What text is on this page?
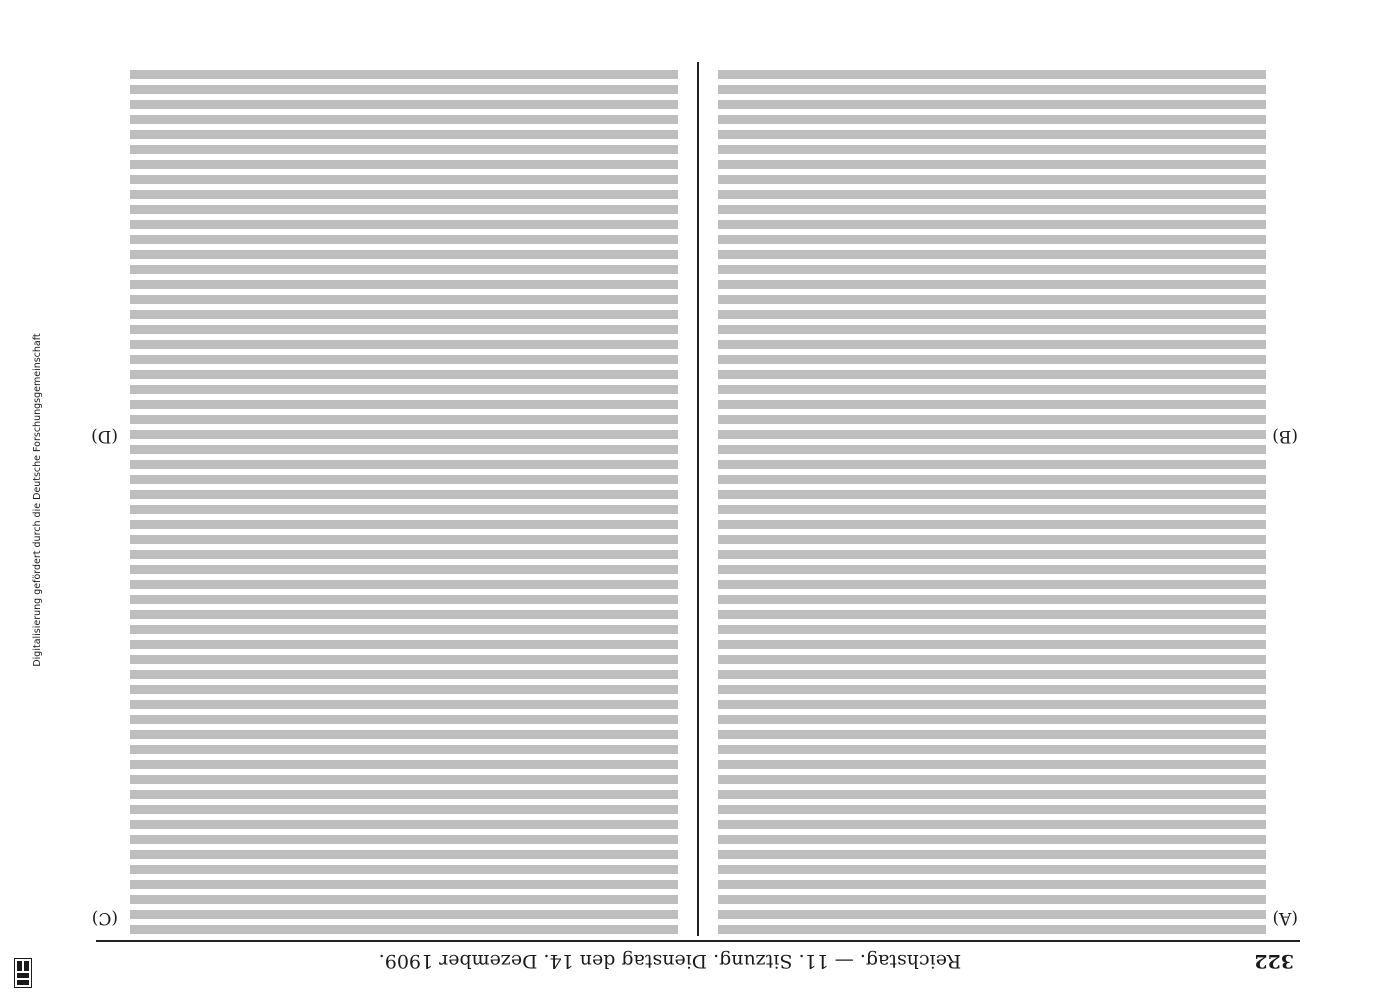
322
Reichstag. — 11. Sitzung. Dienstag den 14. Dezember 1909.
(A)
(B)
(C)
(D)

Digitalisierung gefördert durch die Deutsche Forschungsgemeinschaft
